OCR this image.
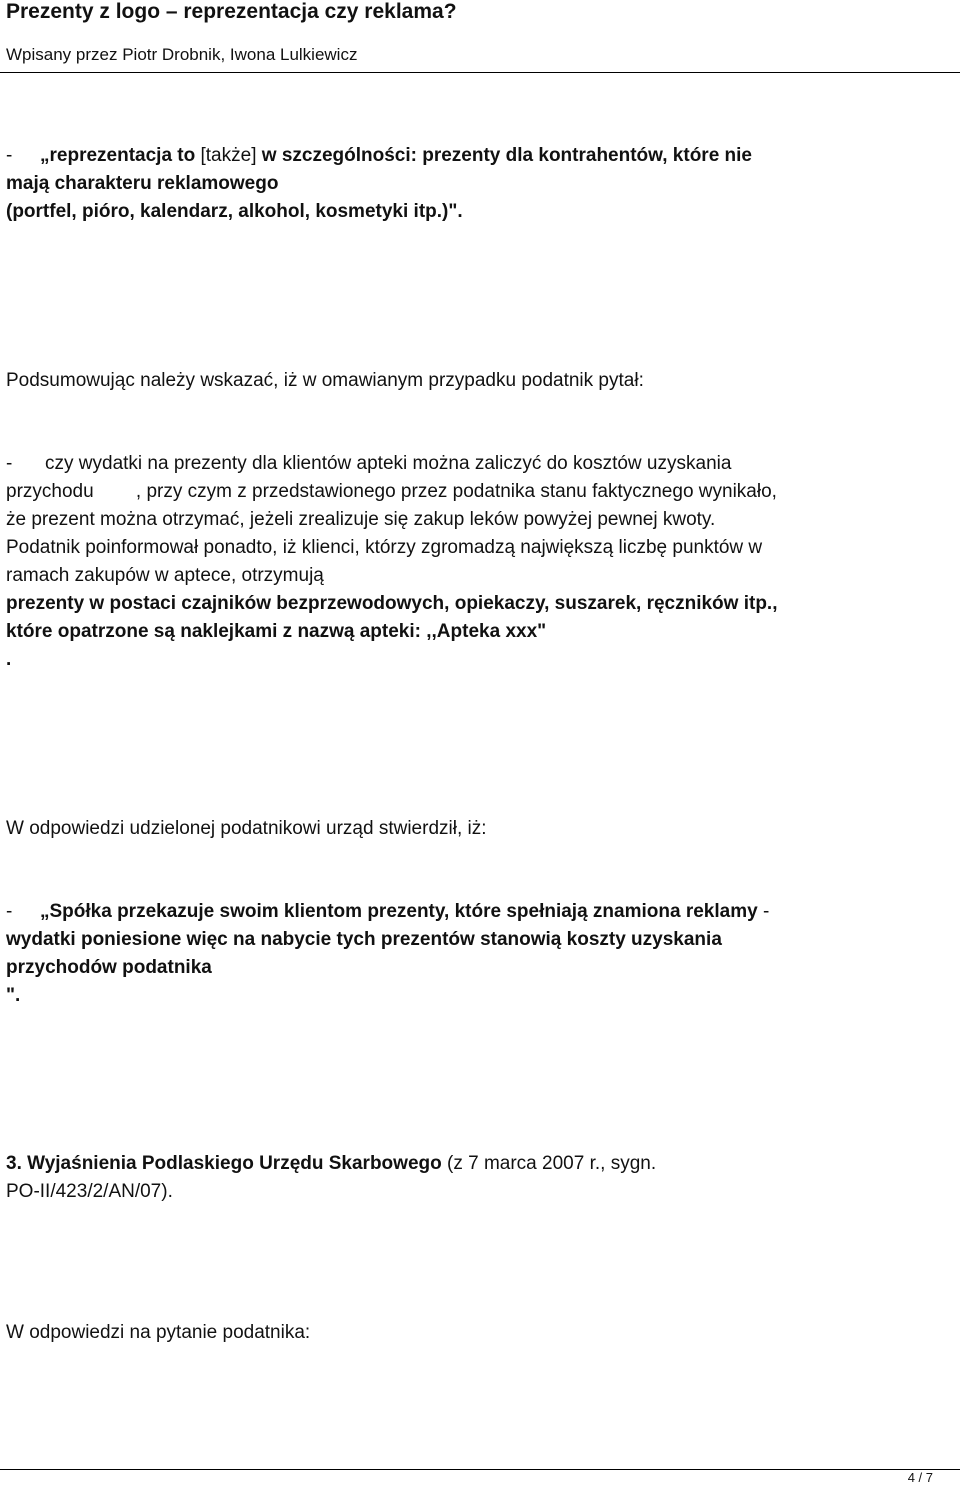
Prezenty z logo – reprezentacja czy reklama?
Wpisany przez Piotr Drobnik, Iwona Lulkiewicz
- „reprezentacja to [także] w szczególności: prezenty dla kontrahentów, które nie
mają charakteru reklamowego
(portfel, pióro, kalendarz, alkohol, kosmetyki itp.)".
Podsumowując należy wskazać, iż w omawianym przypadku podatnik pytał:
- czy wydatki na prezenty dla klientów apteki można zaliczyć do kosztów uzyskania
przychodu        , przy czym z przedstawionego przez podatnika stanu faktycznego wynikało,
że prezent można otrzymać, jeżeli zrealizuje się zakup leków powyżej pewnej kwoty.
Podatnik poinformował ponadto, iż klienci, którzy zgromadzą największą liczbę punktów w
ramach zakupów w aptece, otrzymują
prezenty w postaci czajników bezprzewodowych, opiekaczy, suszarek, ręczników itp.,
które opatrzone są naklejkami z nazwą apteki: ,,Apteka xxx"
.
W odpowiedzi udzielonej podatnikowi urząd stwierdził, iż:
- „Spółka przekazuje swoim klientom prezenty, które spełniają znamiona reklamy -
wydatki poniesione więc na nabycie tych prezentów stanowią koszty uzyskania
przychodów podatnika
".
3. Wyjaśnienia Podlaskiego Urzędu Skarbowego (z 7 marca 2007 r., sygn.
PO-II/423/2/AN/07).
W odpowiedzi na pytanie podatnika:
4 / 7
